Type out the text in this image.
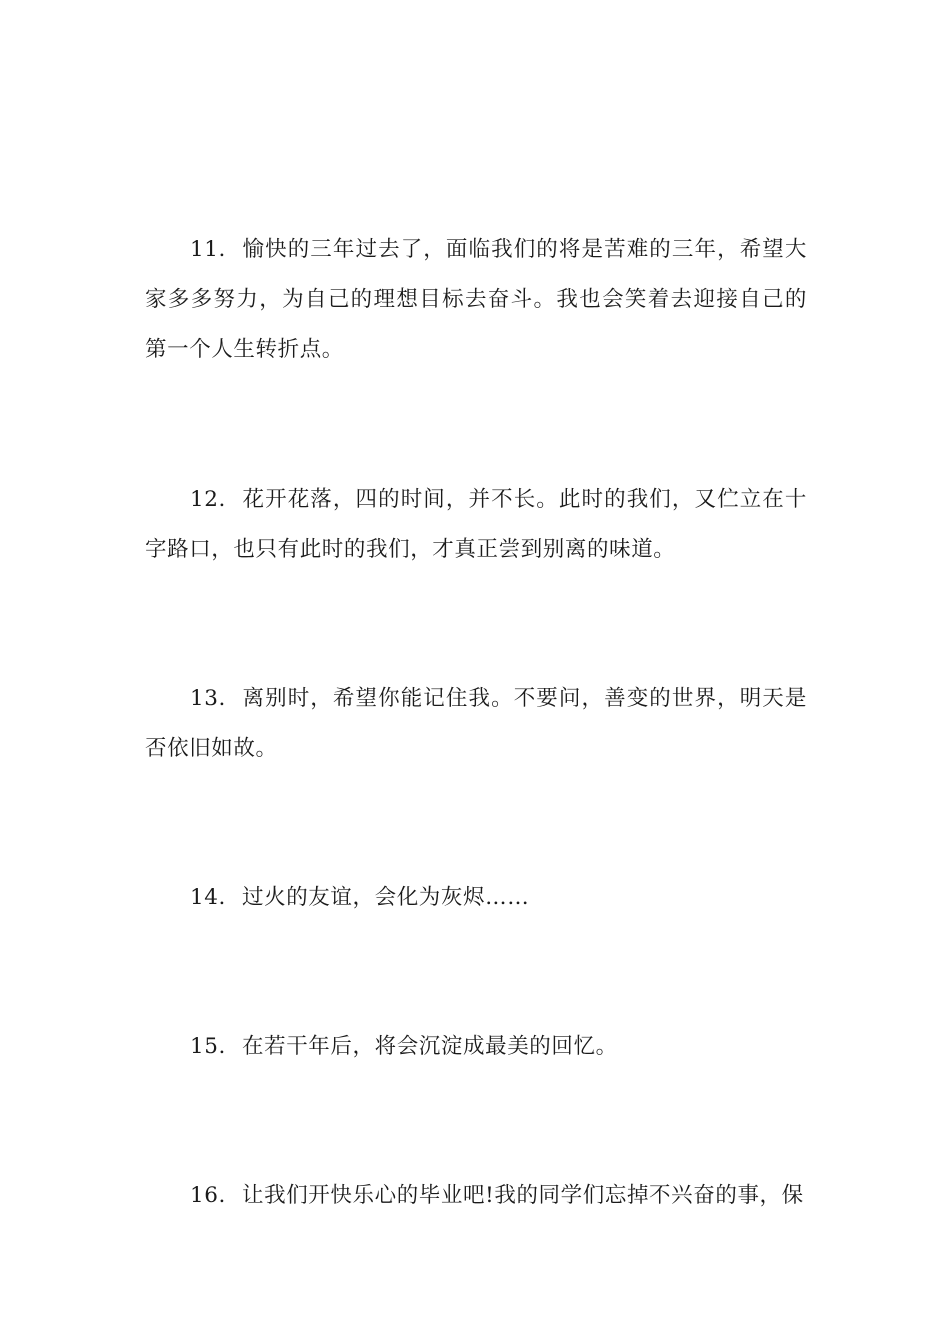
11. 愉快的三年过去了，面临我们的将是苦难的三年，希望大家多多努力，为自己的理想目标去奋斗。我也会笑着去迎接自己的第一个人生转折点。

12. 花开花落，四的时间，并不长。此时的我们，又伫立在十字路口，也只有此时的我们，才真正尝到别离的味道。

13. 离别时，希望你能记住我。不要问，善变的世界，明天是否依旧如故。

14. 过火的友谊，会化为灰烬……

15. 在若干年后，将会沉淀成最美的回忆。

16. 让我们开快乐心的毕业吧!我的同学们忘掉不兴奋的事，保
